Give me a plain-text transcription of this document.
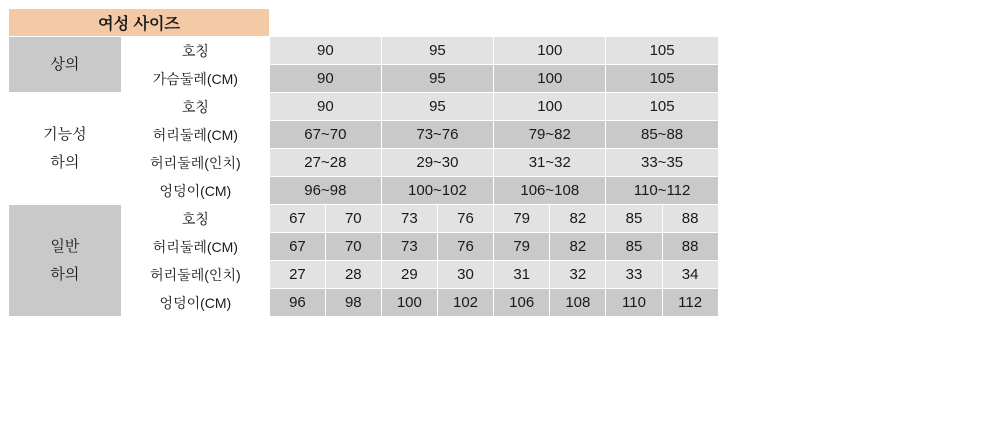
여성 사이즈										

상의	호칭	90		95		100		105		
	가슴둘레(CM)	90		95		100		105		

기능성
하의	호칭	90		95		100		105		
	허리둘레(CM)	67~70		73~76		79~82		85~88		
	허리둘레(인치)	27~28		29~30		31~32		33~35		
	엉덩이(CM)	96~98		100~102		106~108		110~112		

일반
하의	호칭	67	70	73	76	79	82	85	88	
	허리둘레(CM)	67	70	73	76	79	82	85	88	
	허리둘레(인치)	27	28	29	30	31	32	33	34	
	엉덩이(CM)	96	98	100	102	106	108	110	112	
